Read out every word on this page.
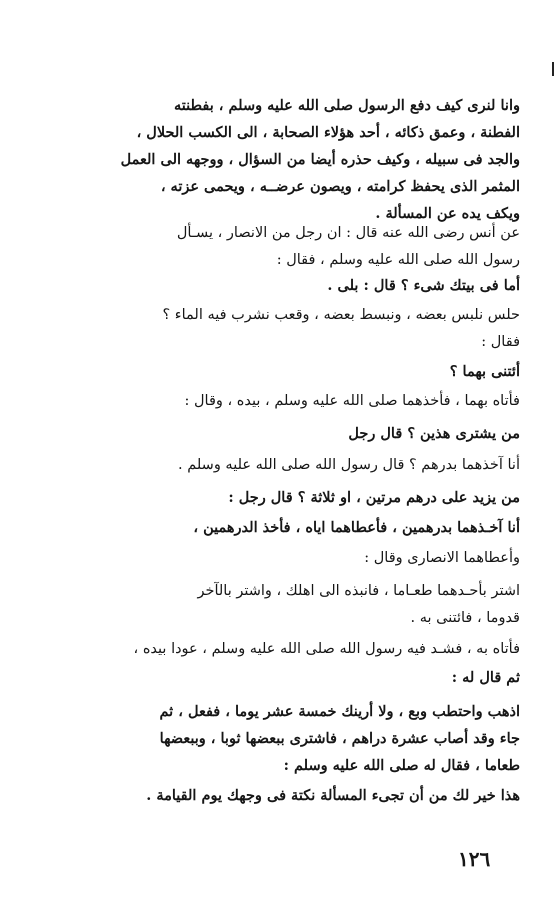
وانا لنرى كيف دفع الرسول صلى الله عليه وسلم ، بفطنته
الفطنة ، وعمق ذكائه ، أحد هؤلاء الصحابة ، الى الكسب الحلال ،
والجد فى سبيله ، وكيف حذره أيضا من السؤال ، ووجهه الى العمل
المثمر الذى يحفظ كرامته ، ويصون عرضــه ، ويحمى عزته ،
ويكف يده عن المسألة .
عن أنس رضى الله عنه قال : ان رجل من الانصار ، يسـأل
رسول الله صلى الله عليه وسلم ، فقال :
أما فى بيتك شىء ؟ قال : بلى .
حلس نلبس بعضه ، ونبسط بعضه ، وقعب نشرب فيه الماء ؟
فقال :
أئتنى بهما ؟
فأتاه بهما ، فأخذهما صلى الله عليه وسلم ، بيده ، وقال :
من يشترى هذين ؟ قال رجل
أنا آخذهما بدرهم ؟ قال رسول الله صلى الله عليه وسلم .
من يزيد على درهم مرتين ، او ثلاثة ؟ قال رجل :
أنا آخـذهما بدرهمين ، فأعطاهما اياه ، فأخذ الدرهمين ،
وأعطاهما الانصارى وقال :
اشتر بأحـدهما طعـاما ، فانبذه الى اهلك ، واشتر بالآخر
قدوما ، فائتنى به .
فأتاه به ، فشـد فيه رسول الله صلى الله عليه وسلم ، عودا بيده ،
ثم قال له :
اذهب واحتطب وبع ، ولا أرينك خمسة عشر يوما ، ففعل ، ثم
جاء وقد أصاب عشرة دراهم ، فاشترى ببعضها ثوبا ، وببعضها
طعاما ، فقال له صلى الله عليه وسلم :
هذا خير لك من أن تجىء المسألة نكتة فى وجهك يوم القيامة .
١٢٦
